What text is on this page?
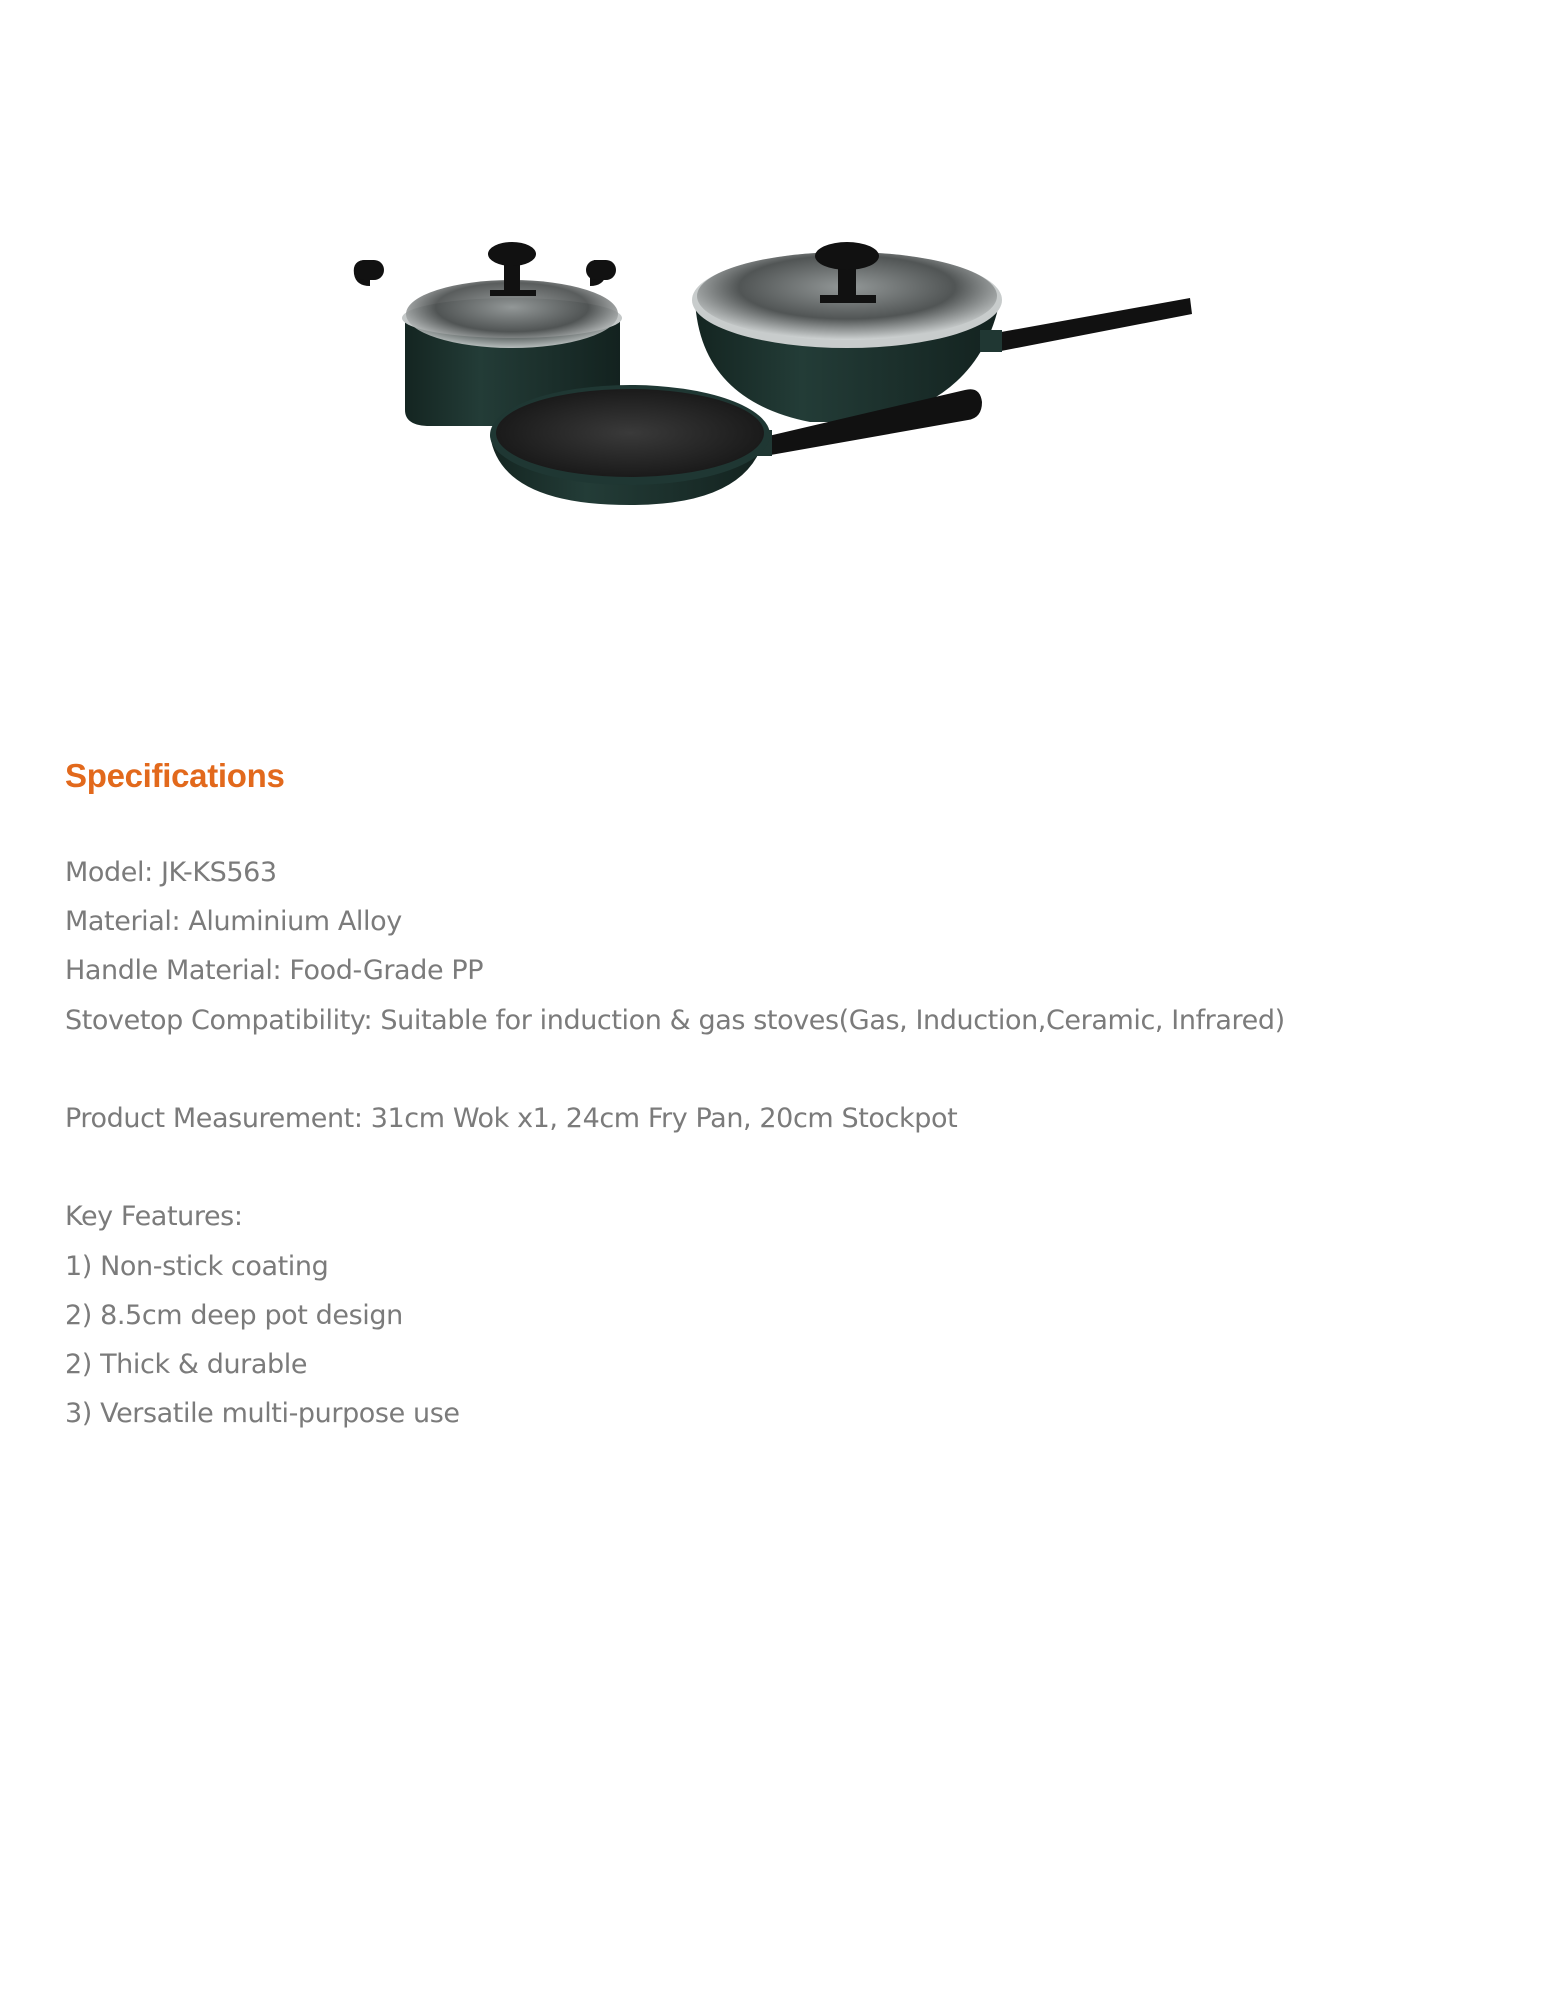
Specifications
Model: JK-KS563
Material: Aluminium Alloy
Handle Material: Food-Grade PP
Stovetop Compatibility: Suitable for induction & gas stoves(Gas, Induction,Ceramic, Infrared)
Product Measurement: 31cm Wok x1, 24cm Fry Pan, 20cm Stockpot
Key Features:
1) Non-stick coating
2) 8.5cm deep pot design
2) Thick & durable
3) Versatile multi-purpose use
